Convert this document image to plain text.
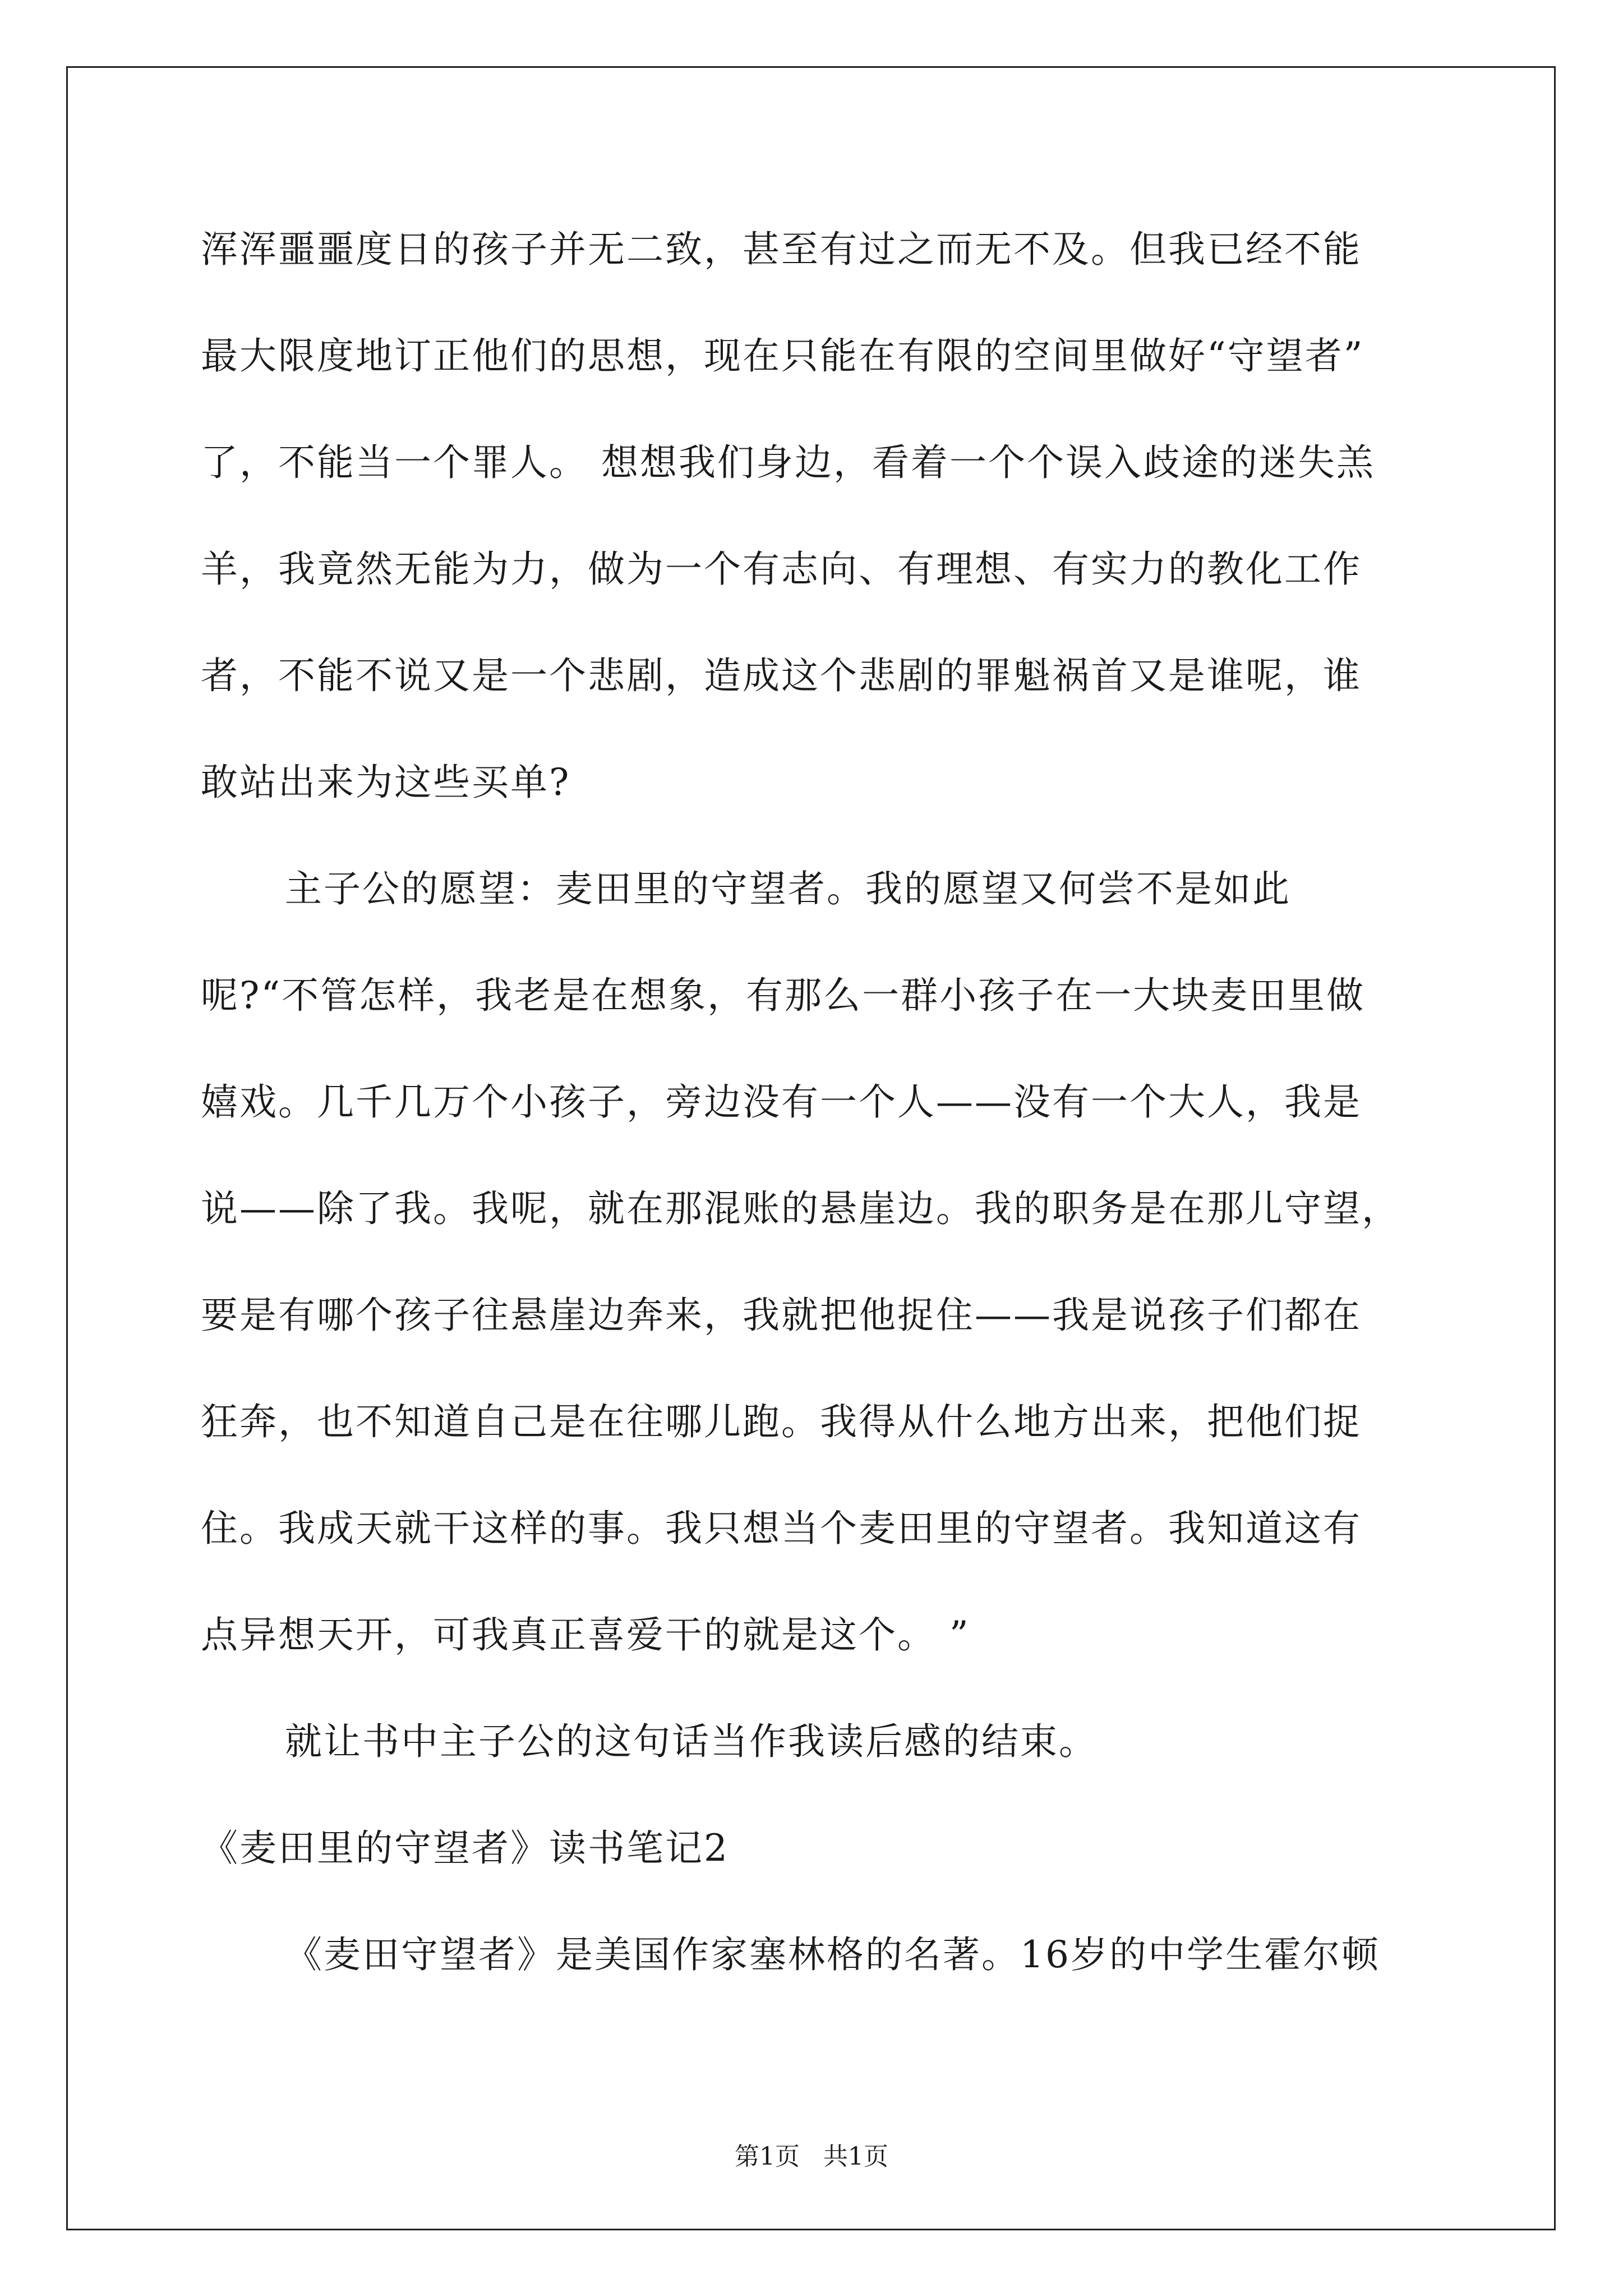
浑浑噩噩度日的孩子并无二致，甚至有过之而无不及。但我已经不能
最大限度地订正他们的思想，现在只能在有限的空间里做好“守望者”
了，不能当一个罪人。 想想我们身边，看着一个个误入歧途的迷失羔
羊，我竟然无能为力，做为一个有志向、有理想、有实力的教化工作
者，不能不说又是一个悲剧，造成这个悲剧的罪魁祸首又是谁呢，谁
敢站出来为这些买单?
主子公的愿望：麦田里的守望者。我的愿望又何尝不是如此
呢?“不管怎样，我老是在想象，有那么一群小孩子在一大块麦田里做
嬉戏。几千几万个小孩子，旁边没有一个人——没有一个大人，我是
说——除了我。我呢，就在那混账的悬崖边。我的职务是在那儿守望，
要是有哪个孩子往悬崖边奔来，我就把他捉住——我是说孩子们都在
狂奔，也不知道自己是在往哪儿跑。我得从什么地方出来，把他们捉
住。我成天就干这样的事。我只想当个麦田里的守望者。我知道这有
点异想天开，可我真正喜爱干的就是这个。 ”
就让书中主子公的这句话当作我读后感的结束。
《麦田里的守望者》读书笔记2
《麦田守望者》是美国作家塞林格的名著。16岁的中学生霍尔顿
第1页   共1页
